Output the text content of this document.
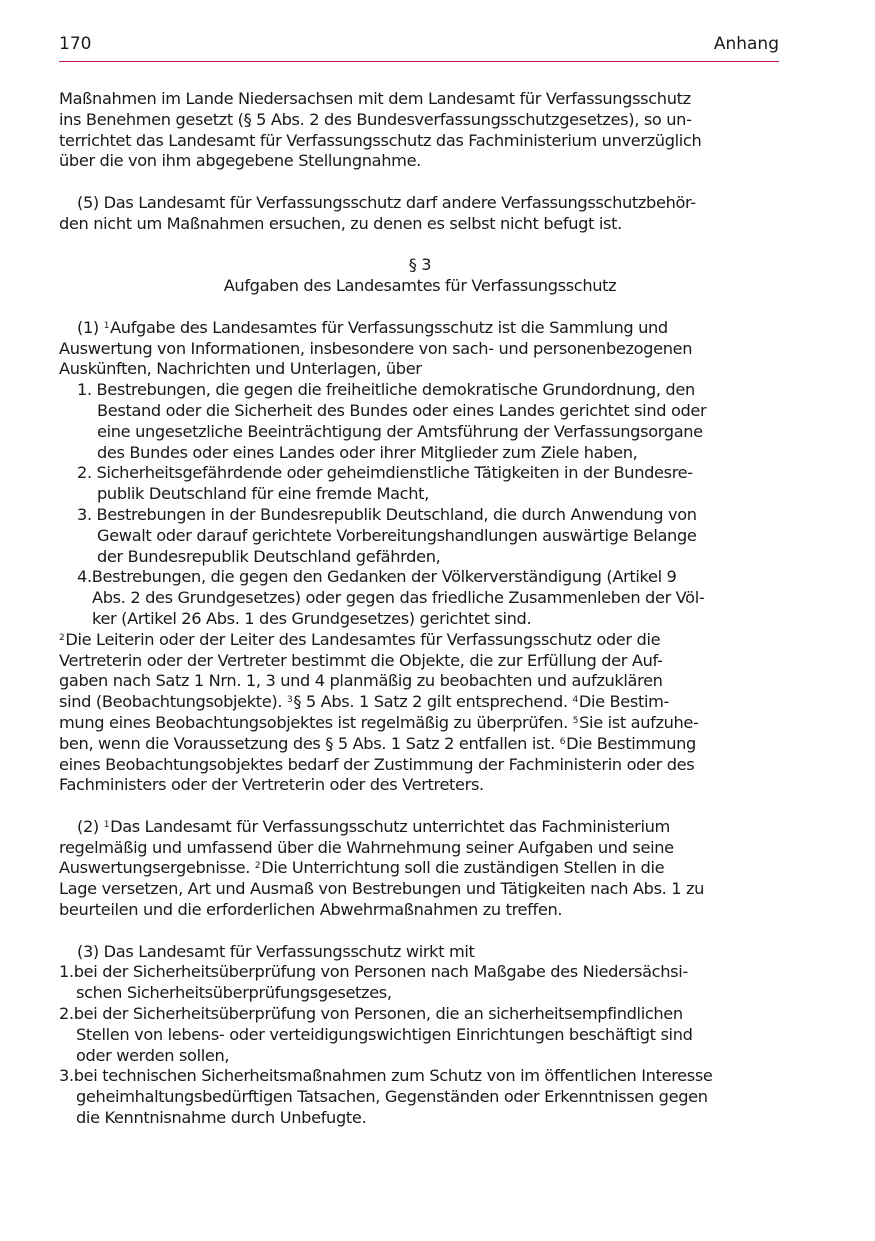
170	Anhang

Maßnahmen im Lande Niedersachsen mit dem Landesamt für Verfassungsschutz
ins Benehmen gesetzt (§ 5 Abs. 2 des Bundesverfassungsschutzgesetzes), so un-
terrichtet das Landesamt für Verfassungsschutz das Fachministerium unverzüglich
über die von ihm abgegebene Stellungnahme.

(5) Das Landesamt für Verfassungsschutz darf andere Verfassungsschutzbehör-
den nicht um Maßnahmen ersuchen, zu denen es selbst nicht befugt ist.

§ 3
Aufgaben des Landesamtes für Verfassungsschutz

(1) $^1$Aufgabe des Landesamtes für Verfassungsschutz ist die Sammlung und
Auswertung von Informationen, insbesondere von sach- und personenbezogenen
Auskünften, Nachrichten und Unterlagen, über

1. Bestrebungen, die gegen die freiheitliche demokratische Grundordnung, den
Bestand oder die Sicherheit des Bundes oder eines Landes gerichtet sind oder
eine ungesetzliche Beeinträchtigung der Amtsführung der Verfassungsorgane
des Bundes oder eines Landes oder ihrer Mitglieder zum Ziele haben,
2. Sicherheitsgefährdende oder geheimdienstliche Tätigkeiten in der Bundesre-
publik Deutschland für eine fremde Macht,
3. Bestrebungen in der Bundesrepublik Deutschland, die durch Anwendung von
Gewalt oder darauf gerichtete Vorbereitungshandlungen auswärtige Belange
der Bundesrepublik Deutschland gefährden,
4.Bestrebungen, die gegen den Gedanken der Völkerverständigung (Artikel 9
Abs. 2 des Grundgesetzes) oder gegen das friedliche Zusammenleben der Völ-
ker (Artikel 26 Abs. 1 des Grundgesetzes) gerichtet sind.

$^2$Die Leiterin oder der Leiter des Landesamtes für Verfassungsschutz oder die
Vertreterin oder der Vertreter bestimmt die Objekte, die zur Erfüllung der Auf-
gaben nach Satz 1 Nrn. 1, 3 und 4 planmäßig zu beobachten und aufzuklären
sind (Beobachtungsobjekte). $^3$§ 5 Abs. 1 Satz 2 gilt entsprechend. $^4$Die Bestim-
mung eines Beobachtungsobjektes ist regelmäßig zu überprüfen. $^5$Sie ist aufzuhe-
ben, wenn die Voraussetzung des § 5 Abs. 1 Satz 2 entfallen ist. $^6$Die Bestimmung
eines Beobachtungsobjektes bedarf der Zustimmung der Fachministerin oder des
Fachministers oder der Vertreterin oder des Vertreters.

(2) $^1$Das Landesamt für Verfassungsschutz unterrichtet das Fachministerium
regelmäßig und umfassend über die Wahrnehmung seiner Aufgaben und seine
Auswertungsergebnisse. $^2$Die Unterrichtung soll die zuständigen Stellen in die
Lage versetzen, Art und Ausmaß von Bestrebungen und Tätigkeiten nach Abs. 1 zu
beurteilen und die erforderlichen Abwehrmaßnahmen zu treffen.

(3) Das Landesamt für Verfassungsschutz wirkt mit

1.bei der Sicherheitsüberprüfung von Personen nach Maßgabe des Niedersächsi-
schen Sicherheitsüberprüfungsgesetzes,
2.bei der Sicherheitsüberprüfung von Personen, die an sicherheitsempfindlichen
Stellen von lebens- oder verteidigungswichtigen Einrichtungen beschäftigt sind
oder werden sollen,
3.bei technischen Sicherheitsmaßnahmen zum Schutz von im öffentlichen Interesse
geheimhaltungsbedürftigen Tatsachen, Gegenständen oder Erkenntnissen gegen
die Kenntnisnahme durch Unbefugte.
